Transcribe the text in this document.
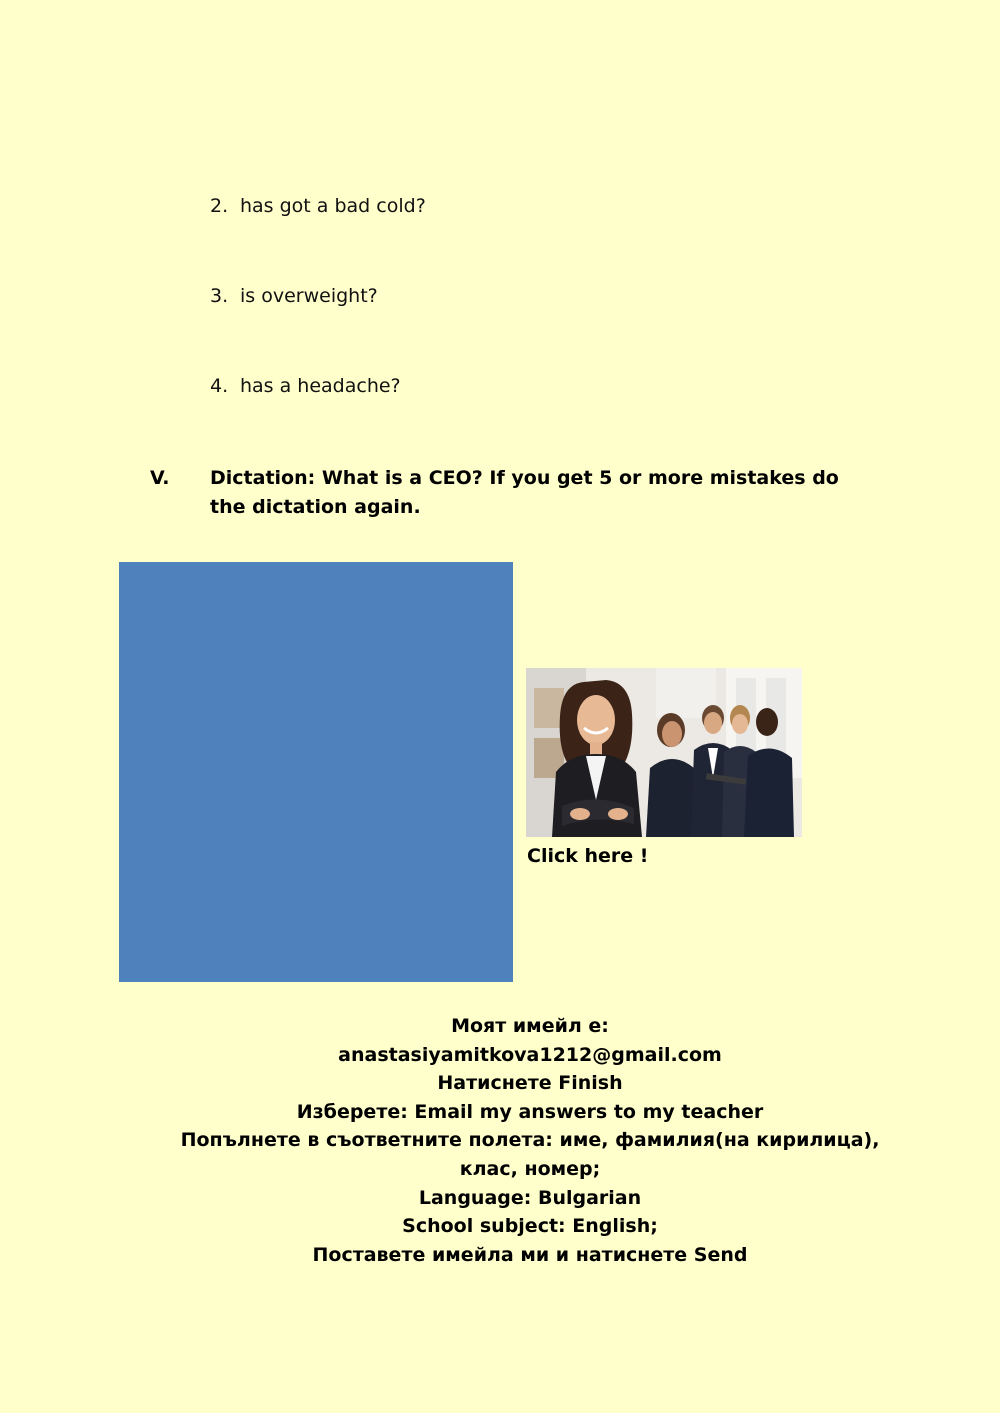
2. has got a bad cold?
3. is overweight?
4. has a headache?
V. Dictation: What is a CEO? If you get 5 or more mistakes do the dictation again.
Click here !
Моят имейл е:
anastasiyamitkova1212@gmail.com
Натиснете Finish
Изберете: Email my answers to my teacher
Попълнете в съответните полета: име, фамилия(на кирилица),
клас, номер;
Language: Bulgarian
School subject: English;
Поставете имейла ми и натиснете Send
